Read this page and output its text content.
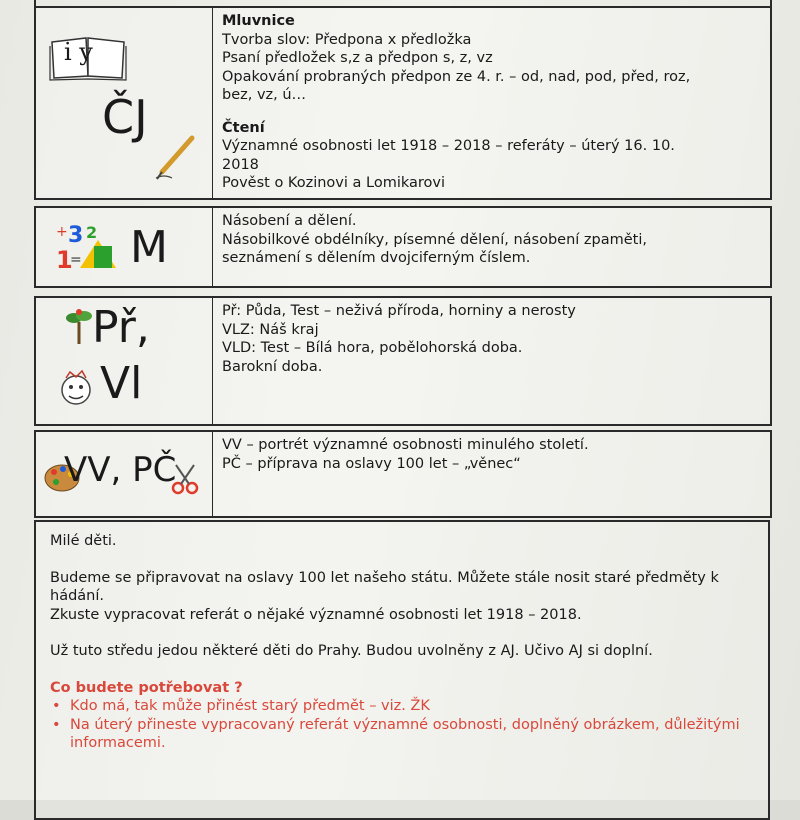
i y
ČJ

Mluvnice

Tvorba slov: Předpona x předložka

Psaní předložek s,z a předpon s, z, vz

Opakování probraných předpon ze 4. r. – od, nad, pod, před, roz,

bez, vz, ú…

Čtení

Významné osobnosti let 1918 – 2018 – referáty – úterý 16. 10.

2018

Pověst o Kozinovi a Lomikarovi

+ 3 2
1
= M

Násobení a dělení.

Násobilkové obdélníky, písemné dělení, násobení zpaměti,

seznámení s dělením dvojciferným číslem.

Př,
Vl

Př: Půda, Test – neživá příroda, horniny a nerosty

VLZ: Náš kraj

VLD: Test – Bílá hora, pobělohorská doba.

Barokní doba.

VV, PČ

VV – portrét významné osobnosti minulého století.

PČ – příprava na oslavy 100 let – „věnec“

Milé děti.

Budeme se připravovat na oslavy 100 let našeho státu. Můžete stále nosit staré předměty k hádání.

Zkuste vypracovat referát o nějaké významné osobnosti let 1918 – 2018.

Už tuto středu jedou některé děti do Prahy. Budou uvolněny z AJ. Učivo AJ si doplní.

Co budete potřebovat ?

• Kdo má, tak může přinést starý předmět – viz. ŽK

• Na úterý přineste vypracovaný referát významné osobnosti, doplněný obrázkem, důležitými informacemi.
